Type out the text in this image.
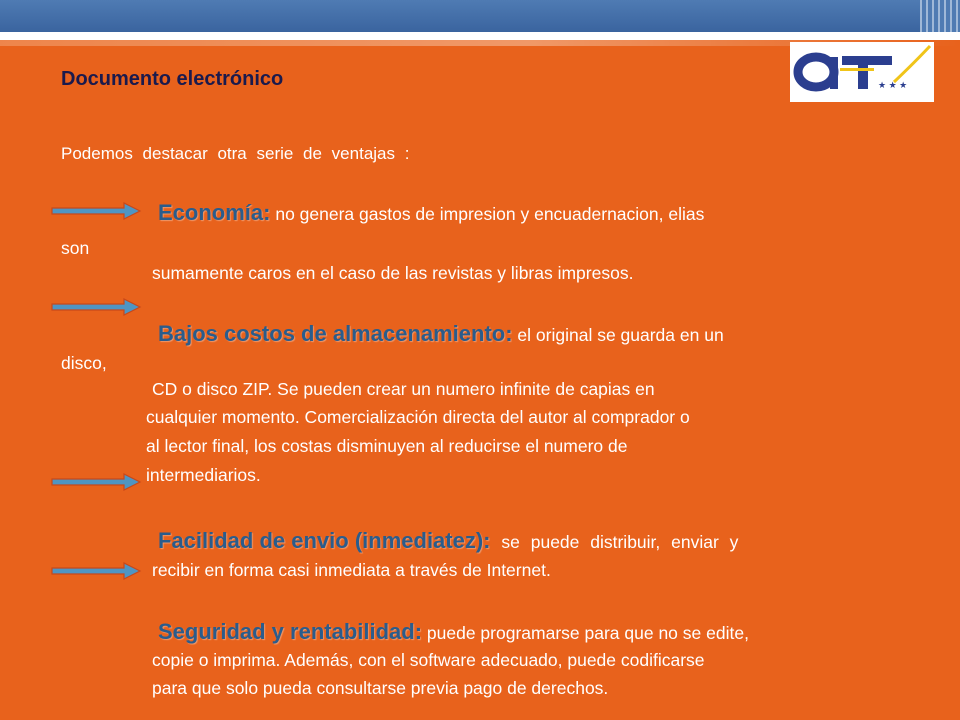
★ ★ ★
Documento electrónico
Podemos destacar otra serie de ventajas :
Economía: no genera gastos de impresion y encuadernacion, elias
son
sumamente caros en el caso de las revistas y libras impresos.
Bajos costos de almacenamiento: el original se guarda en un
disco,
CD o disco ZIP. Se pueden crear un numero infinite de capias en
cualquier momento. Comercialización directa del autor al comprador o
al lector final, los costas disminuyen al reducirse el numero de
intermediarios.
Facilidad de envio (inmediatez): se puede distribuir, enviar y
recibir en forma casi inmediata a través de Internet.
Seguridad y rentabilidad: puede programarse para que no se edite,
copie o imprima. Además, con el software adecuado, puede codificarse
para que solo pueda consultarse previa pago de derechos.
